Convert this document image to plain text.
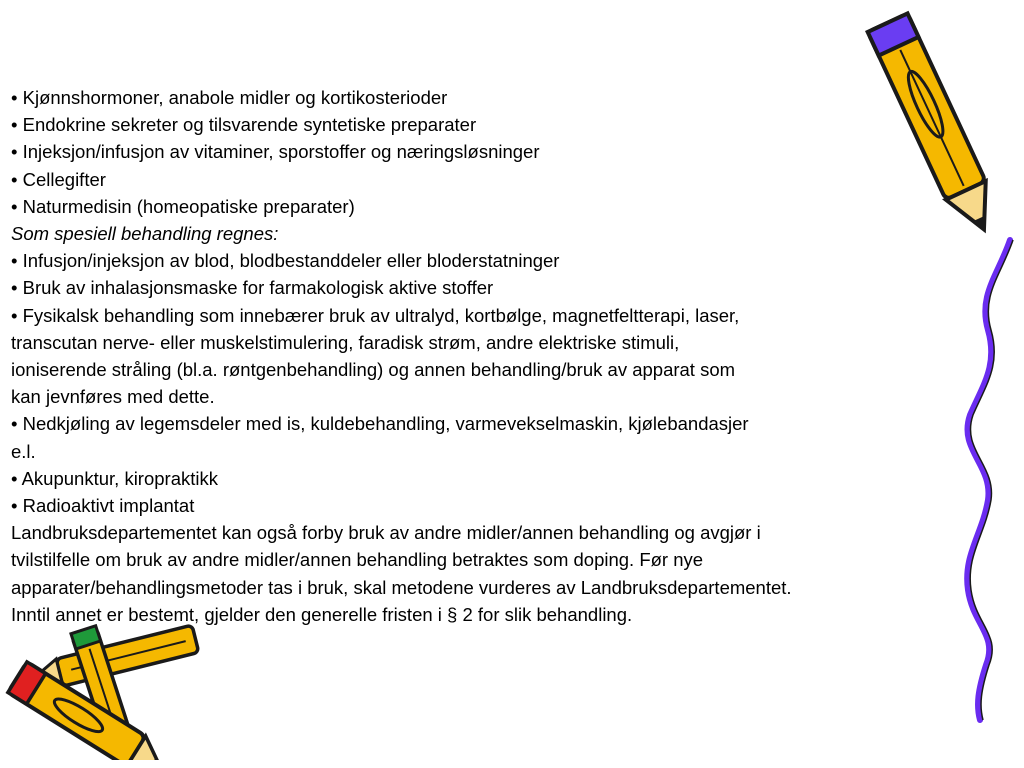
• Kjønnshormoner, anabole midler og kortikosterioder
• Endokrine sekreter og tilsvarende syntetiske preparater
• Injeksjon/infusjon av vitaminer, sporstoffer og næringsløsninger
• Cellegifter
• Naturmedisin (homeopatiske preparater)
Som spesiell behandling regnes:
• Infusjon/injeksjon av blod, blodbestanddeler eller bloderstatninger
• Bruk av inhalasjonsmaske for farmakologisk aktive stoffer
• Fysikalsk behandling som innebærer bruk av ultralyd, kortbølge, magnetfeltterapi, laser,
transcutan nerve- eller muskelstimulering, faradisk strøm, andre elektriske stimuli,
ioniserende stråling (bl.a. røntgenbehandling) og annen behandling/bruk av apparat som
kan jevnføres med dette.
• Nedkjøling av legemsdeler med is, kuldebehandling, varmevekselmaskin, kjølebandasjer
e.l.
• Akupunktur, kiropraktikk
• Radioaktivt implantat
Landbruksdepartementet kan også forby bruk av andre midler/annen behandling og avgjør i
tvilstilfelle om bruk av andre midler/annen behandling betraktes som doping. Før nye
apparater/behandlingsmetoder tas i bruk, skal metodene vurderes av Landbruksdepartementet.
Inntil annet er bestemt, gjelder den generelle fristen i § 2 for slik behandling.
